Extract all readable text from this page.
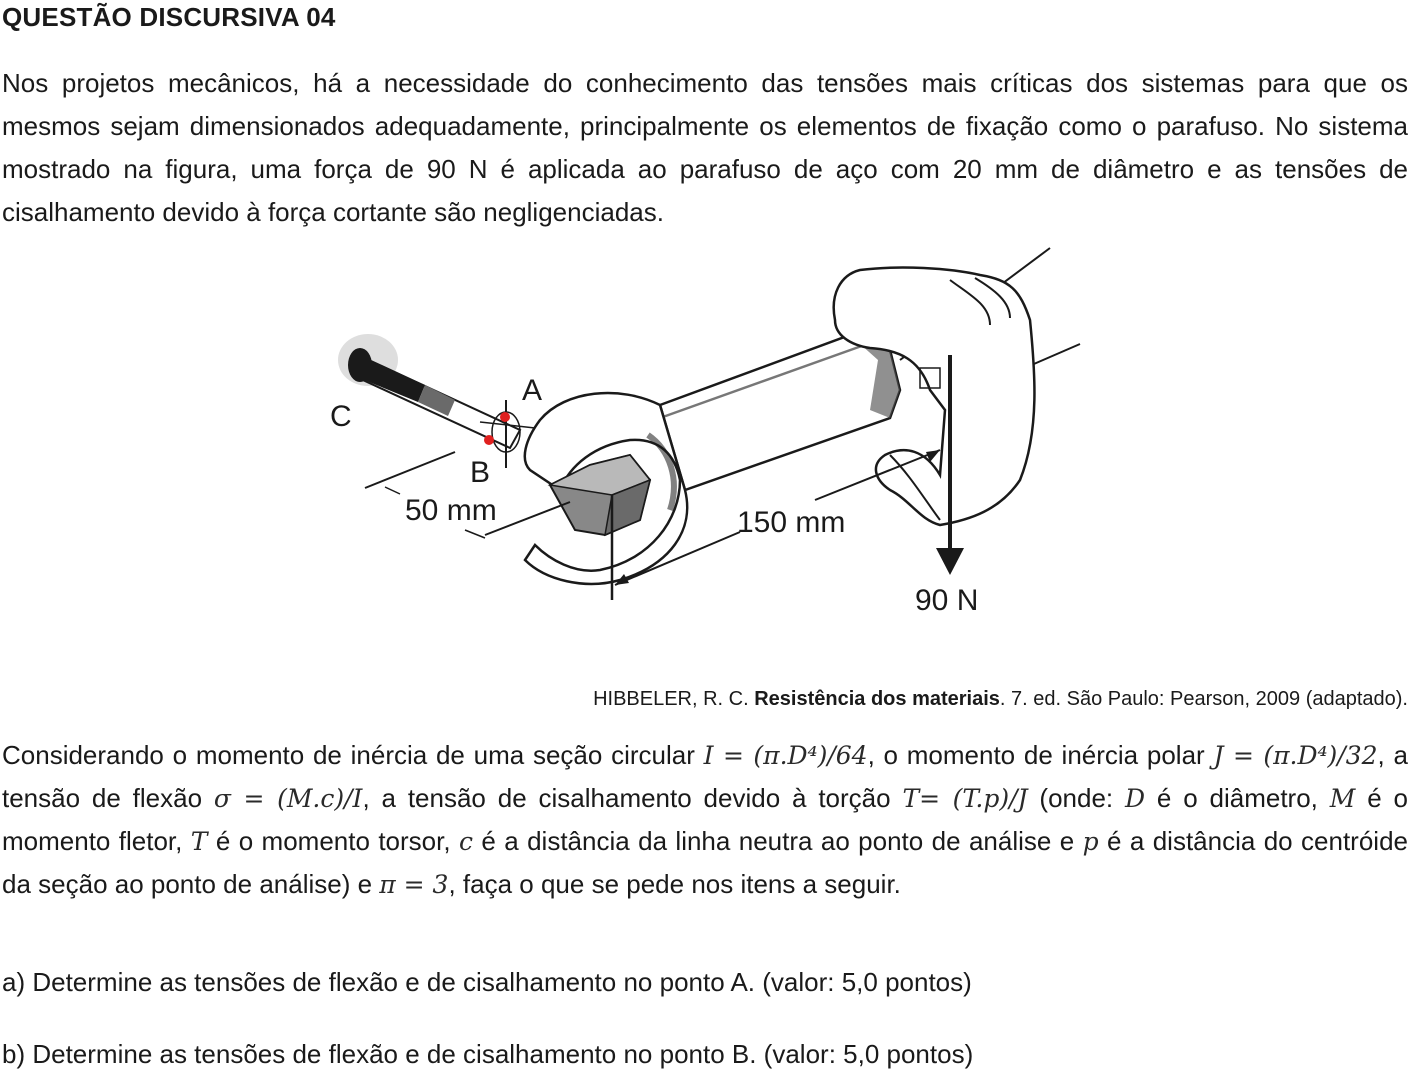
QUESTÃO DISCURSIVA 04
Nos projetos mecânicos, há a necessidade do conhecimento das tensões mais críticas dos sistemas para que os mesmos sejam dimensionados adequadamente, principalmente os elementos de fixação como o parafuso. No sistema mostrado na figura, uma força de 90 N é aplicada ao parafuso de aço com 20 mm de diâmetro e as tensões de cisalhamento devido à força cortante são negligenciadas.
C
A
B
50 mm	150 mm
90 N
HIBBELER, R. C. Resistência dos materiais. 7. ed. São Paulo: Pearson, 2009 (adaptado).
Considerando o momento de inércia de uma seção circular I = (π.D⁴)/64, o momento de inércia polar J = (π.D⁴)/32, a tensão de flexão σ = (M.c)/I, a tensão de cisalhamento devido à torção T= (T.p)/J (onde: D é o diâmetro, M é o momento fletor, T é o momento torsor, c é a distância da linha neutra ao ponto de análise e p é a distância do centróide da seção ao ponto de análise) e π = 3, faça o que se pede nos itens a seguir.
a) Determine as tensões de flexão e de cisalhamento no ponto A. (valor: 5,0 pontos)
b) Determine as tensões de flexão e de cisalhamento no ponto B. (valor: 5,0 pontos)
